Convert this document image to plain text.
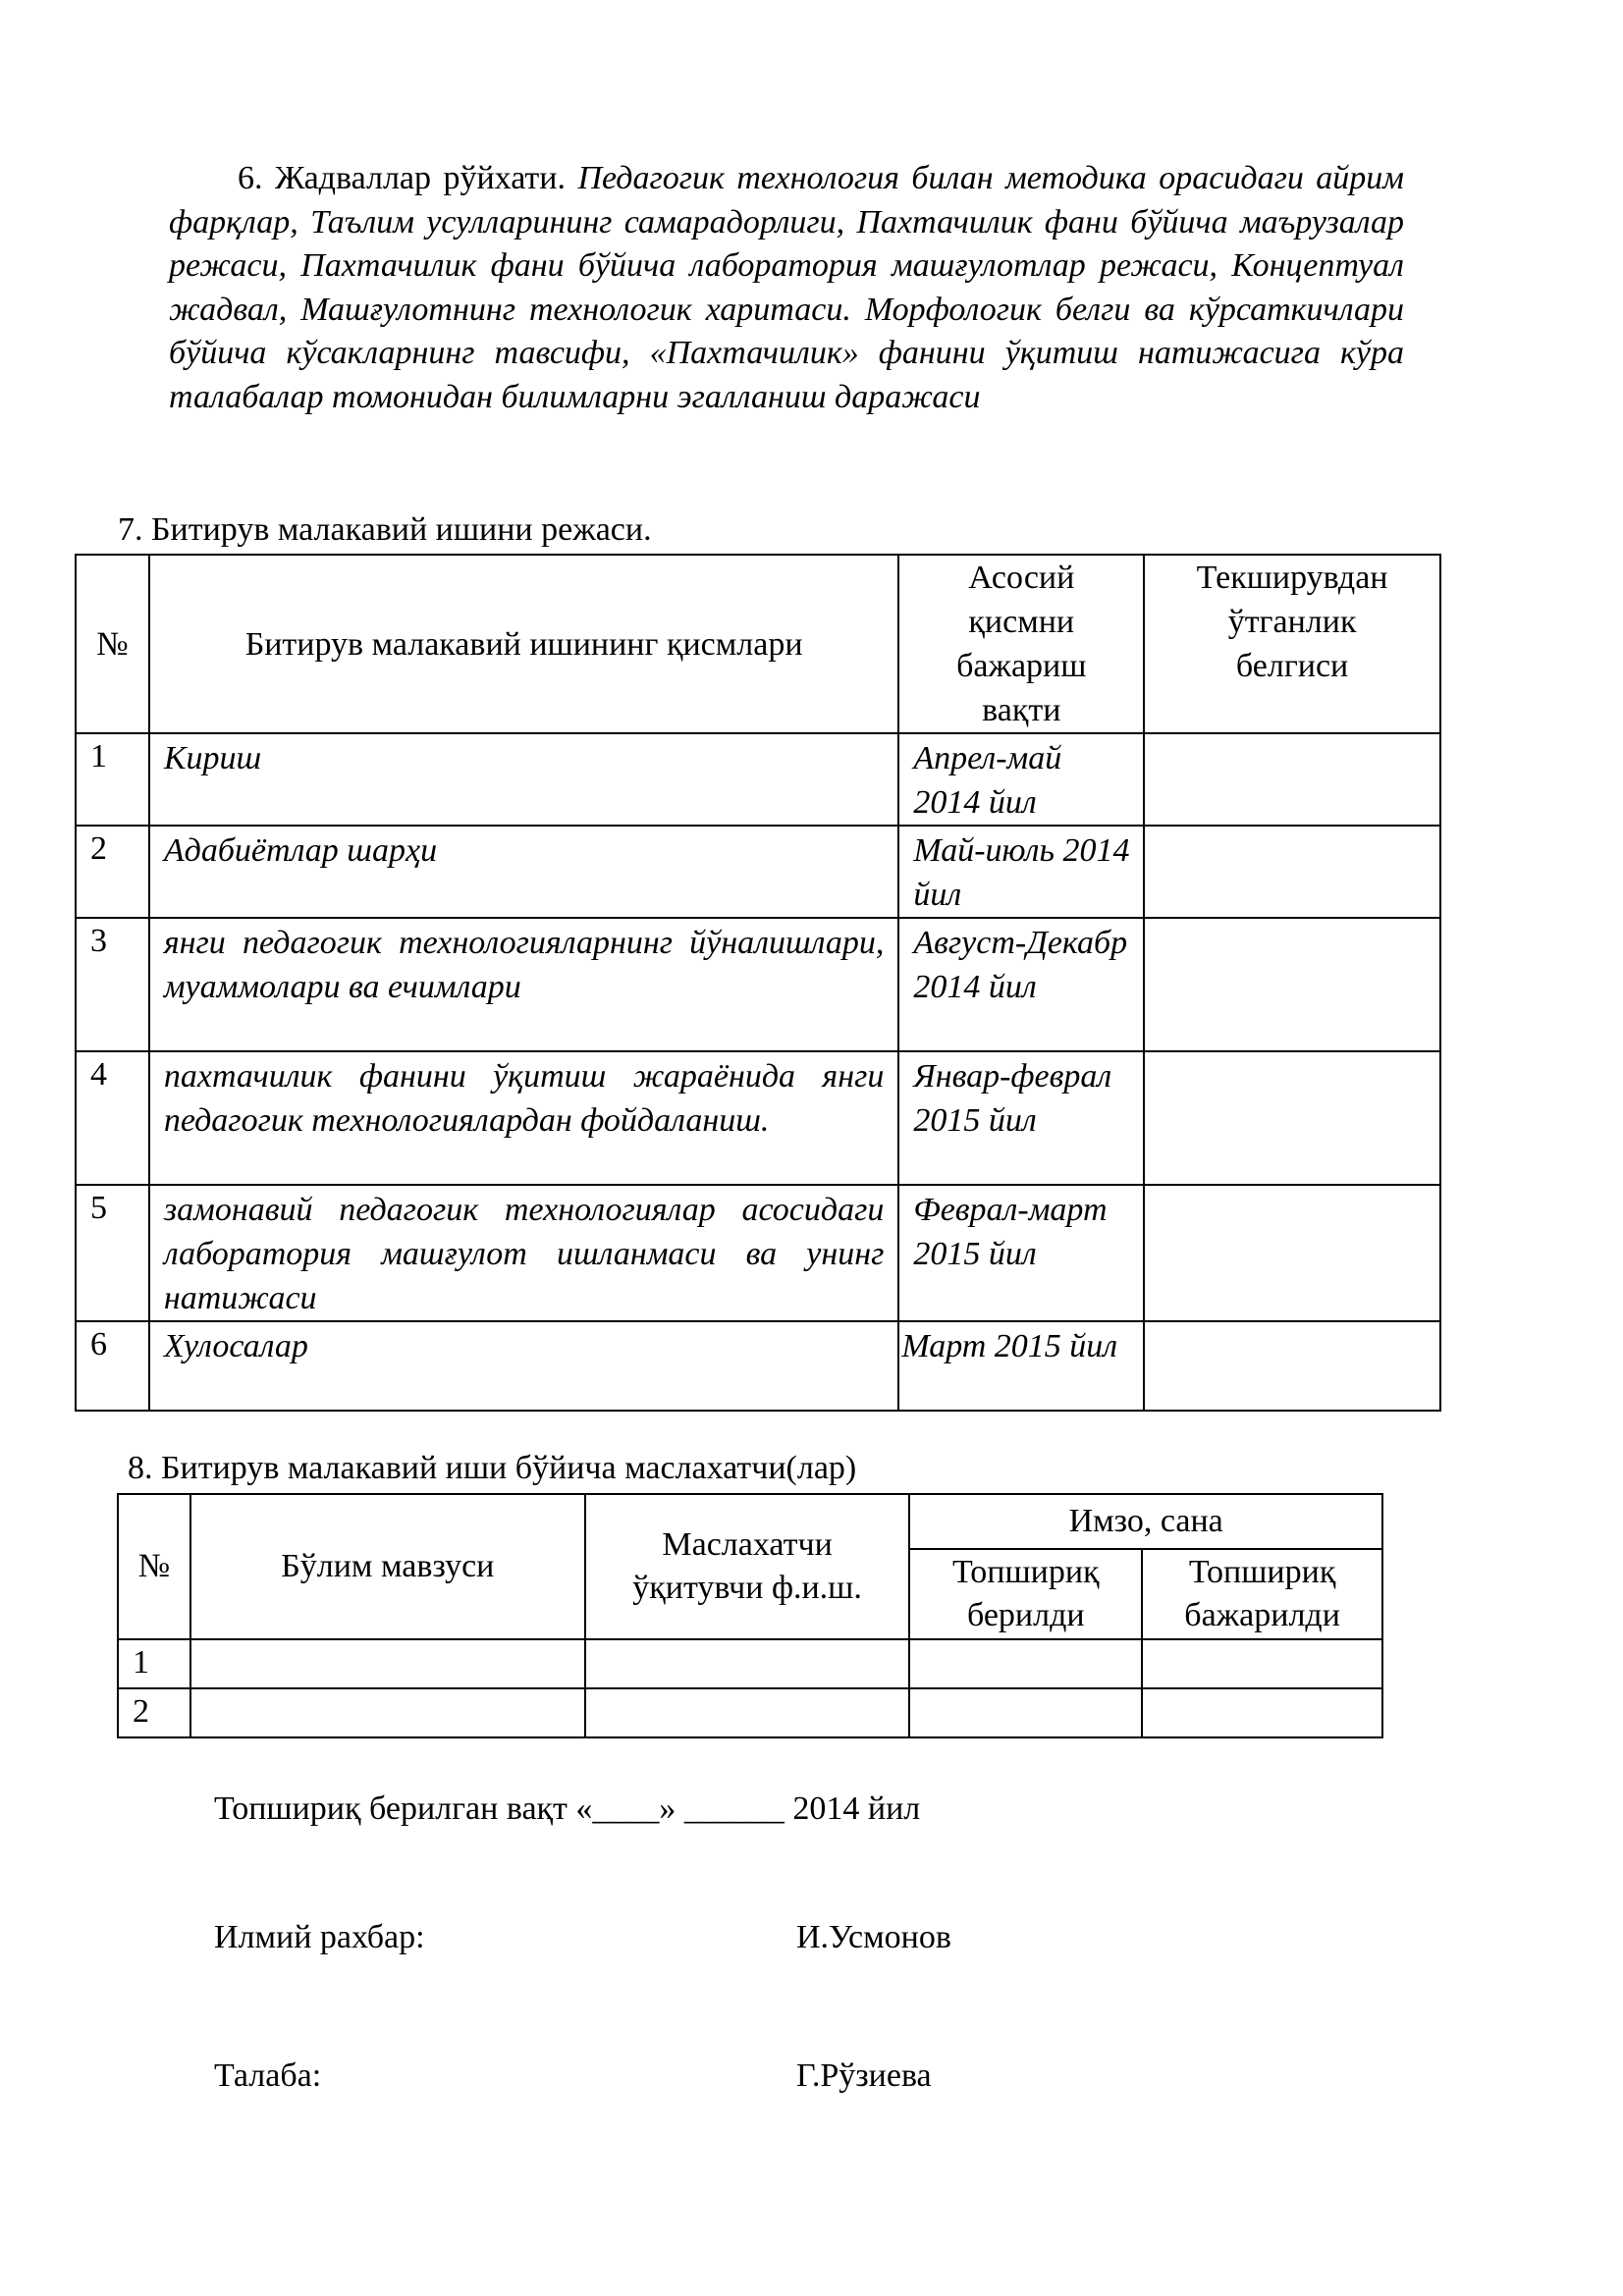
6. Жадваллар рўйхати. Педагогик технология билан методика орасидаги айрим фарқлар, Таълим усулларининг самарадорлиги, Пахтачилик фани бўйича маърузалар режаси, Пахтачилик фани бўйича лаборатория машғулотлар режаси, Концептуал жадвал, Машғулотнинг технологик харитаси. Морфологик белги ва кўрсаткичлари бўйича кўсакларнинг тавсифи, «Пахтачилик» фанини ўқитиш натижасига кўра талабалар томонидан билимларни эгалланиш даражаси
7. Битирув малакавий ишини режаси.
№	Битирув малакавий ишининг қисмлари	Асосий қисмни бажариш вақти	Текширувдан ўтганлик белгиси
1	Кириш	Апрел-май 2014 йил	
2	Адабиётлар шарҳи	Май-июль 2014 йил	
3	янги педагогик технологияларнинг йўналишлари, муаммолари ва ечимлари	Август-Декабр 2014 йил	
4	пахтачилик фанини ўқитиш жараёнида янги педагогик технологиялардан фойдаланиш.	Январ-феврал 2015 йил	
5	замонавий педагогик технологиялар асосидаги лаборатория машғулот ишланмаси ва унинг натижаси	Феврал-март 2015 йил	
6	Хулосалар	Март 2015 йил	
8. Битирув малакавий иши бўйича маслахатчи(лар)
№	Бўлим мавзуси	Маслахатчи ўқитувчи ф.и.ш.	Имзо, сана	
			Топшириқ берилди	Топшириқ бажарилди
1				
2				
Топшириқ берилган вақт «____» ______ 2014 йил
Илмий рахбар:	И.Усмонов
Талаба:	Г.Рўзиева
